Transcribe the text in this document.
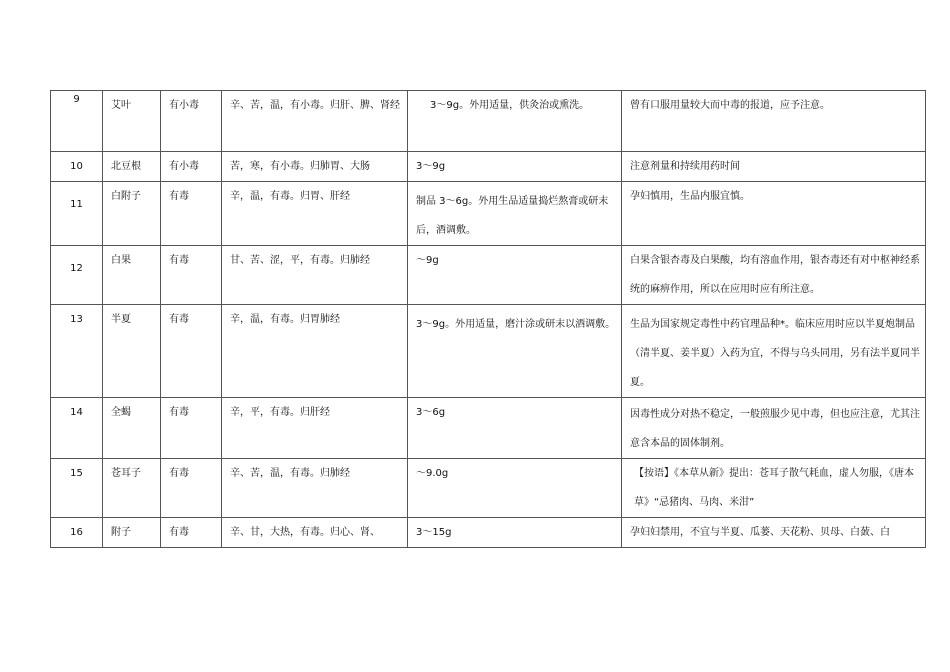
9	艾叶	有小毒	辛、苦，温，有小毒。归肝、脾、肾经	3～9g。外用适量，供灸治或熏洗。	曾有口服用量较大而中毒的报道，应予注意。
10	北豆根	有小毒	苦，寒，有小毒。归肺胃、大肠	3～9g	注意剂量和持续用药时间

11	白附子	有毒	辛，温，有毒。归胃、肝经	制品 3～6g。外用生品适量捣烂熬膏或研末后，酒调敷。	孕妇慎用，生品内服宜慎。

12	白果	有毒	甘、苦、涩，平，有毒。归肺经	～9g	白果含银杏毒及白果酸，均有溶血作用，银杏毒还有对中枢神经系统的麻痹作用，所以在应用时应有所注意。
13	半夏	有毒	辛，温，有毒。归胃肺经	3～9g。外用适量，磨汁涂或研末以酒调敷。	生品为国家规定毒性中药官理品种*。临床应用时应以半夏炮制品（清半夏、姜半夏）入药为宜，不得与乌头同用，另有法半夏同半夏。

14	全蝎	有毒	辛，平，有毒。归肝经	3～6g	因毒性成分对热不稳定，一般煎服少见中毒，但也应注意，尤其注意含本品的固体制剂。

15	苍耳子	有毒	辛、苦，温，有毒。归肺经	～9.0g	【按语】《本草从新》提出：苍耳子散气耗血，虚人勿服，《唐本草》“忌猪肉、马肉、米泔”
16	附子	有毒	辛、甘，大热，有毒。归心、肾、	3～15g	孕妇妇禁用，不宜与半夏、瓜蒌、天花粉、贝母、白蔹、白
